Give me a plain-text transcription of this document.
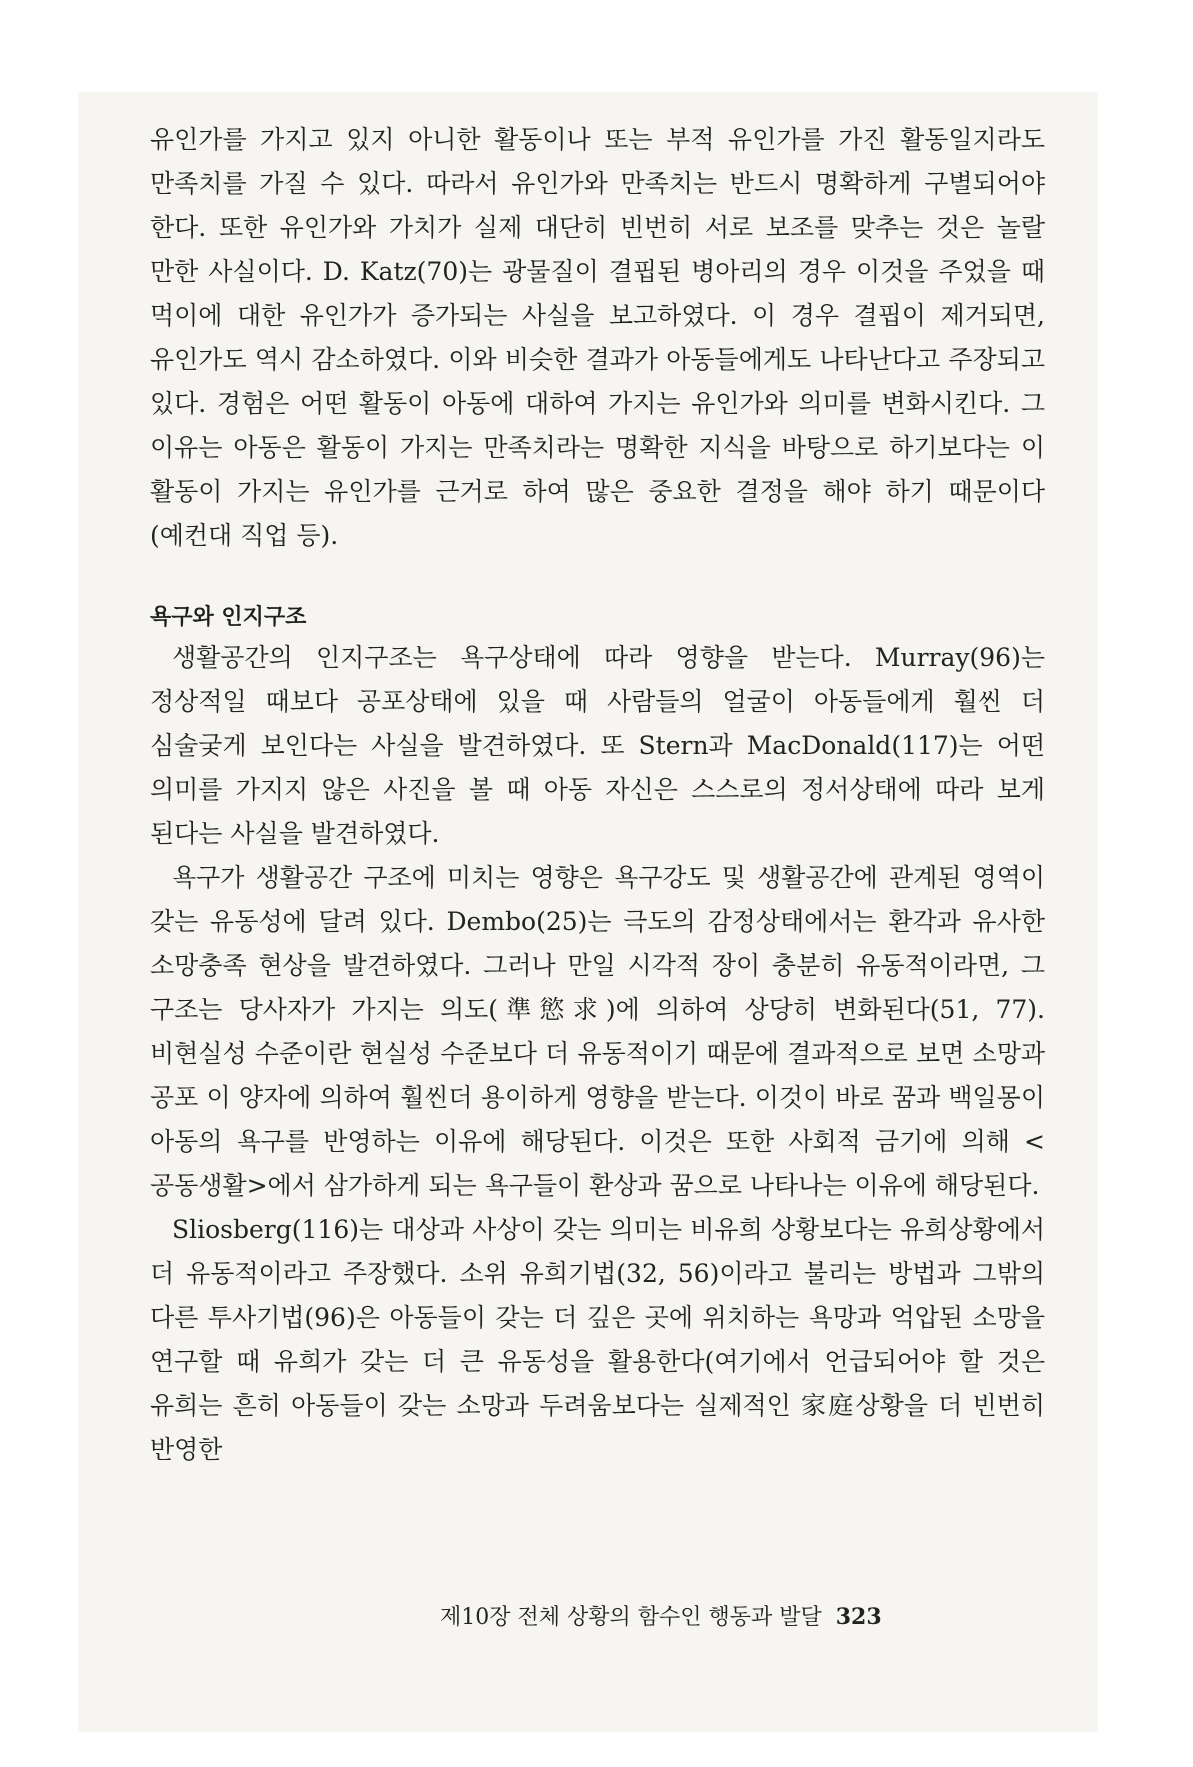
유인가를 가지고 있지 아니한 활동이나 또는 부적 유인가를 가진 활동일지라도 만족치를 가질 수 있다. 따라서 유인가와 만족치는 반드시 명확하게 구별되어야 한다. 또한 유인가와 가치가 실제 대단히 빈번히 서로 보조를 맞추는 것은 놀랄 만한 사실이다. D. Katz(70)는 광물질이 결핍된 병아리의 경우 이것을 주었을 때 먹이에 대한 유인가가 증가되는 사실을 보고하였다. 이 경우 결핍이 제거되면, 유인가도 역시 감소하였다. 이와 비슷한 결과가 아동들에게도 나타난다고 주장되고 있다. 경험은 어떤 활동이 아동에 대하여 가지는 유인가와 의미를 변화시킨다. 그 이유는 아동은 활동이 가지는 만족치라는 명확한 지식을 바탕으로 하기보다는 이 활동이 가지는 유인가를 근거로 하여 많은 중요한 결정을 해야 하기 때문이다(예컨대 직업 등).

욕구와 인지구조

생활공간의 인지구조는 욕구상태에 따라 영향을 받는다. Murray(96)는 정상적일 때보다 공포상태에 있을 때 사람들의 얼굴이 아동들에게 훨씬 더 심술궂게 보인다는 사실을 발견하였다. 또 Stern과 MacDonald(117)는 어떤 의미를 가지지 않은 사진을 볼 때 아동 자신은 스스로의 정서상태에 따라 보게 된다는 사실을 발견하였다.

욕구가 생활공간 구조에 미치는 영향은 욕구강도 및 생활공간에 관계된 영역이 갖는 유동성에 달려 있다. Dembo(25)는 극도의 감정상태에서는 환각과 유사한 소망충족 현상을 발견하였다. 그러나 만일 시각적 장이 충분히 유동적이라면, 그 구조는 당사자가 가지는 의도(準慾求)에 의하여 상당히 변화된다(51, 77). 비현실성 수준이란 현실성 수준보다 더 유동적이기 때문에 결과적으로 보면 소망과 공포 이 양자에 의하여 훨씬더 용이하게 영향을 받는다. 이것이 바로 꿈과 백일몽이 아동의 욕구를 반영하는 이유에 해당된다. 이것은 또한 사회적 금기에 의해 <공동생활>에서 삼가하게 되는 욕구들이 환상과 꿈으로 나타나는 이유에 해당된다.

Sliosberg(116)는 대상과 사상이 갖는 의미는 비유희 상황보다는 유희상황에서 더 유동적이라고 주장했다. 소위 유희기법(32, 56)이라고 불리는 방법과 그밖의 다른 투사기법(96)은 아동들이 갖는 더 깊은 곳에 위치하는 욕망과 억압된 소망을 연구할 때 유희가 갖는 더 큰 유동성을 활용한다(여기에서 언급되어야 할 것은 유희는 흔히 아동들이 갖는 소망과 두려움보다는 실제적인 家庭상황을 더 빈번히 반영한

제10장 전체 상황의 함수인 행동과 발달 323
